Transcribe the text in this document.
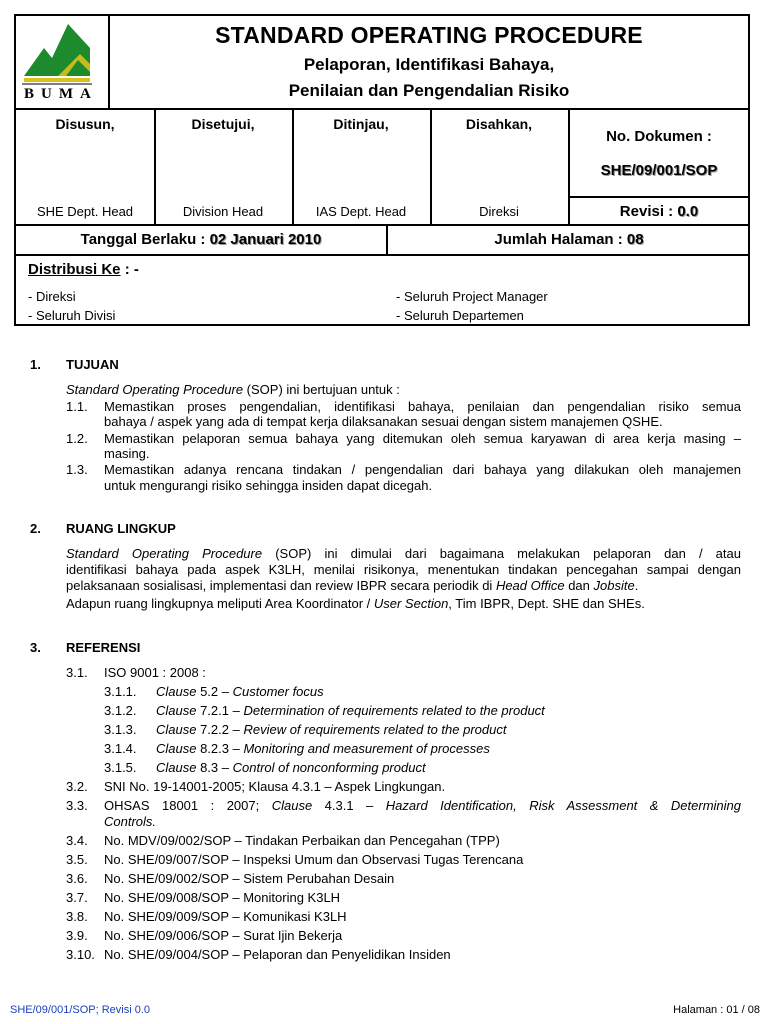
BUMA
STANDARD OPERATING PROCEDURE
Pelaporan, Identifikasi Bahaya,
Penilaian dan Pengendalian Risiko
Disusun,
SHE Dept. Head
Disetujui,
Division Head
Ditinjau,
IAS Dept. Head
Disahkan,
Direksi
No. Dokumen :
SHE/09/001/SOP
Revisi : 0.0
Tanggal Berlaku : 02 Januari 2010	Jumlah Halaman : 08
Distribusi Ke : -
- Direksi
- Seluruh Divisi
- Seluruh Project Manager
- Seluruh Departemen
1. TUJUAN
Standard Operating Procedure (SOP) ini bertujuan untuk :
1.1. Memastikan proses pengendalian, identifikasi bahaya, penilaian dan pengendalian risiko semua
bahaya / aspek yang ada di tempat kerja dilaksanakan sesuai dengan sistem manajemen QSHE.
1.2. Memastikan pelaporan semua bahaya yang ditemukan oleh semua karyawan di area kerja masing –
masing.
1.3. Memastikan adanya rencana tindakan / pengendalian dari bahaya yang dilakukan oleh manajemen
untuk mengurangi risiko sehingga insiden dapat dicegah.
2. RUANG LINGKUP
Standard Operating Procedure (SOP) ini dimulai dari bagaimana melakukan pelaporan dan / atau
identifikasi bahaya pada aspek K3LH, menilai risikonya, menentukan tindakan pencegahan sampai dengan
pelaksanaan sosialisasi, implementasi dan review IBPR secara periodik di Head Office dan Jobsite.
Adapun ruang lingkupnya meliputi Area Koordinator / User Section, Tim IBPR, Dept. SHE dan SHEs.
3. REFERENSI
3.1. ISO 9001 : 2008 :
3.1.1. Clause 5.2 – Customer focus
3.1.2. Clause 7.2.1 – Determination of requirements related to the product
3.1.3. Clause 7.2.2 – Review of requirements related to the product
3.1.4. Clause 8.2.3 – Monitoring and measurement of processes
3.1.5. Clause 8.3 – Control of nonconforming product
3.2. SNI No. 19-14001-2005; Klausa 4.3.1 – Aspek Lingkungan.
3.3. OHSAS 18001 : 2007; Clause 4.3.1 – Hazard Identification, Risk Assessment & Determining
Controls.
3.4. No. MDV/09/002/SOP – Tindakan Perbaikan dan Pencegahan (TPP)
3.5. No. SHE/09/007/SOP – Inspeksi Umum dan Observasi Tugas Terencana
3.6. No. SHE/09/002/SOP – Sistem Perubahan Desain
3.7. No. SHE/09/008/SOP – Monitoring K3LH
3.8. No. SHE/09/009/SOP – Komunikasi K3LH
3.9. No. SHE/09/006/SOP – Surat Ijin Bekerja
3.10. No. SHE/09/004/SOP – Pelaporan dan Penyelidikan Insiden
SHE/09/001/SOP; Revisi 0.0	Halaman : 01 / 08
